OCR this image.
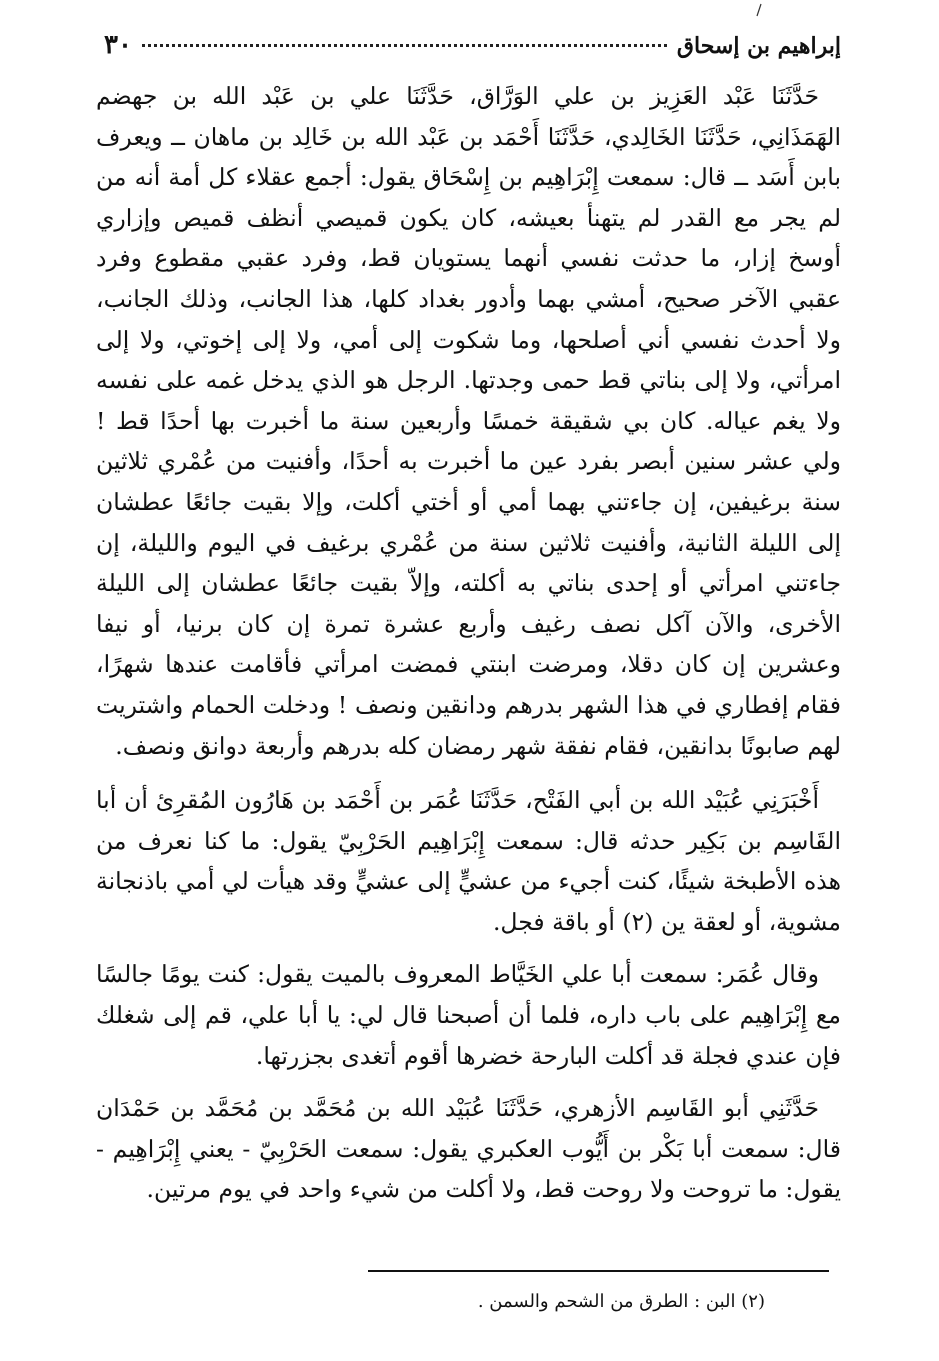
إبراهيم بن إسحاق
٣٠

حَدَّثَنَا عَبْد العَزِيز بن علي الوَرَّاق، حَدَّثَنَا علي بن عَبْد الله بن جهضم الهَمَذَانِي، حَدَّثَنَا الخَالِدي، حَدَّثَنَا أَحْمَد بن عَبْد الله بن خَالِد بن ماهان ــ ويعرف بابن أَسَد ــ قال: سمعت إِبْرَاهِيم بن إِسْحَاق يقول: أجمع عقلاء كل أمة أنه من لم يجر مع القدر لم يتهنأ بعيشه، كان يكون قميصي أنظف قميص وإزاري أوسخ إزار، ما حدثت نفسي أنهما يستويان قط، وفرد عقبي مقطوع وفرد عقبي الآخر صحيح، أمشي بهما وأدور بغداد كلها، هذا الجانب، وذلك الجانب، ولا أحدث نفسي أني أصلحها، وما شكوت إلى أمي، ولا إلى إخوتي، ولا إلى امرأتي، ولا إلى بناتي قط حمى وجدتها. الرجل هو الذي يدخل غمه على نفسه ولا يغم عياله. كان بي شقيقة خمسًا وأربعين سنة ما أخبرت بها أحدًا قط ! ولي عشر سنين أبصر بفرد عين ما أخبرت به أحدًا، وأفنيت من عُمْري ثلاثين سنة برغيفين، إن جاءتني بهما أمي أو أختي أكلت، وإلا بقيت جائعًا عطشان إلى الليلة الثانية، وأفنيت ثلاثين سنة من عُمْري برغيف في اليوم والليلة، إن جاءتني امرأتي أو إحدى بناتي به أكلته، وإلاّ بقيت جائعًا عطشان إلى الليلة الأخرى، والآن آكل نصف رغيف وأربع عشرة تمرة إن كان برنيا، أو نيفا وعشرين إن كان دقلا، ومرضت ابنتي فمضت امرأتي فأقامت عندها شهرًا، فقام إفطاري في هذا الشهر بدرهم ودانقين ونصف ! ودخلت الحمام واشتريت لهم صابونًا بدانقين، فقام نفقة شهر رمضان كله بدرهم وأربعة دوانق ونصف.

أَخْبَرَنِي عُبَيْد الله بن أبي الفَتْح، حَدَّثَنَا عُمَر بن أَحْمَد بن هَارُون المُقرِئ أن أبا القَاسِم بن بَكِير حدثه قال: سمعت إِبْرَاهِيم الحَرْبِيّ يقول: ما كنا نعرف من هذه الأطبخة شيئًا، كنت أجيء من عشيٍّ إلى عشيٍّ وقد هيأت لي أمي باذنجانة مشوية، أو لعقة ين (٢) أو باقة فجل.

وقال عُمَر: سمعت أبا علي الخَيَّاط المعروف بالميت يقول: كنت يومًا جالسًا مع إِبْرَاهِيم على باب داره، فلما أن أصبحنا قال لي: يا أبا علي، قم إلى شغلك فإن عندي فجلة قد أكلت البارحة خضرها أقوم أتغدى بجزرتها.

حَدَّثَنِي أبو القَاسِم الأزهري، حَدَّثَنَا عُبَيْد الله بن مُحَمَّد بن مُحَمَّد بن حَمْدَان قال: سمعت أبا بَكْر بن أَيُّوب العكبري يقول: سمعت الحَرْبِيّ - يعني إِبْرَاهِيم - يقول: ما تروحت ولا روحت قط، ولا أكلت من شيء واحد في يوم مرتين.

(٢) البن : الطرق من الشحم والسمن .
